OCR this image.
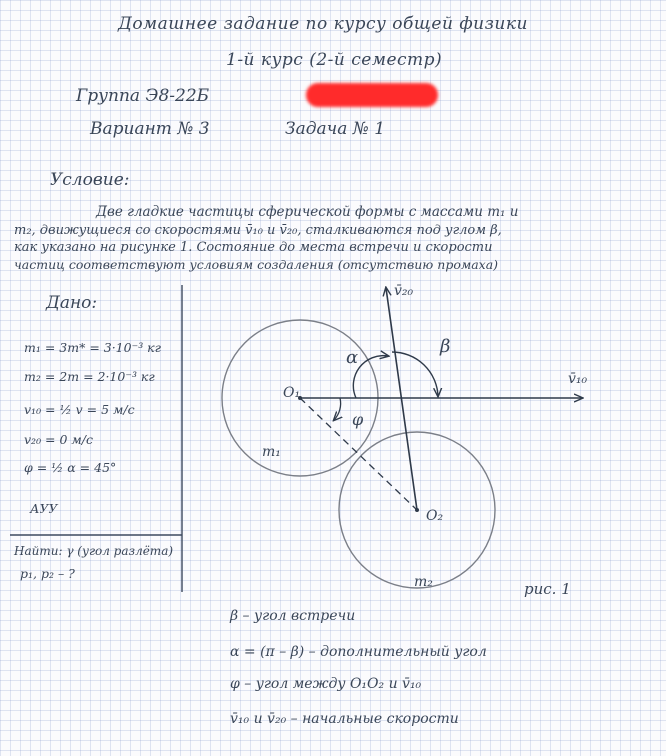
Домашнее задание по курсу общей физики
1-й курс (2-й семестр)
Группа Э8-22Б
Вариант № 3	Задача № 1
Условие:
Две гладкие частицы сферической формы с массами m₁ и
m₂, движущиеся со скоростями v̄₁₀ и v̄₂₀, сталкиваются под углом β,
как указано на рисунке 1. Состояние до места встречи и скорости
частиц соответствуют условиям создаления (отсутствию промаха)
Дано:
m₁ = 3m* = 3·10⁻³ кг
m₂ = 2m = 2·10⁻³ кг
v₁₀ = ½ v = 5 м/с
v₂₀ = 0 м/с
φ = ½ α = 45°
АУУ
Найти: γ (угол разлёта)
p₁, p₂ – ?
v̄₂₀
v̄₁₀
α
β
φ
O₁
O₂
m₁
m₂	рис. 1
β – угол встречи
α = (π – β) – дополнительный угол
φ – угол между O₁O₂ и v̄₁₀
v̄₁₀ и v̄₂₀ – начальные скорости
